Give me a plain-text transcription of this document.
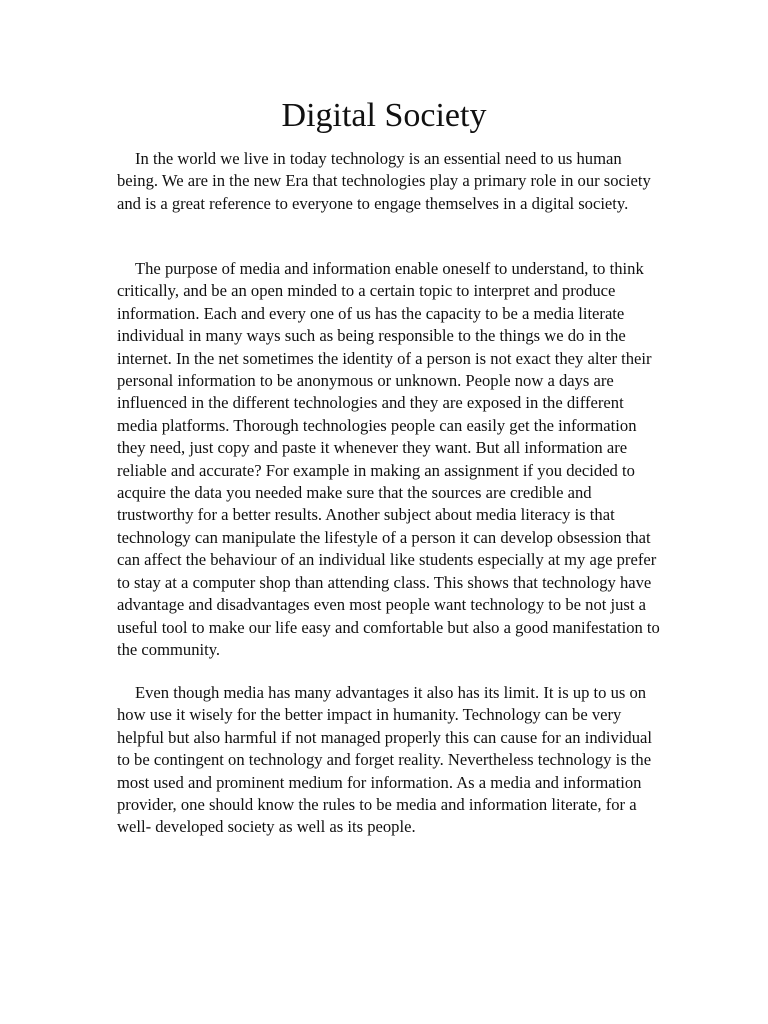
Digital Society

In the world we live in today technology is an essential need to us human being. We are in the new Era that technologies play a primary role in our society and is a great reference to everyone to engage themselves in a digital society.

The purpose of media and information enable oneself to understand, to think critically, and be an open minded to a certain topic to interpret and produce information. Each and every one of us has the capacity to be a media literate individual in many ways such as being responsible to the things we do in the internet. In the net sometimes the identity of a person is not exact they alter their personal information to be anonymous or unknown. People now a days are influenced in the different technologies and they are exposed in the different media platforms. Thorough technologies people can easily get the information they need, just copy and paste it whenever they want. But all information are reliable and accurate? For example in making an assignment if you decided to acquire the data you needed make sure that the sources are credible and trustworthy for a better results. Another subject about media literacy is that technology can manipulate the lifestyle of a person it can develop obsession that can affect the behaviour of an individual like students especially at my age prefer to stay at a computer shop than attending class. This shows that technology have advantage and disadvantages even most people want technology to be not just a useful tool to make our life easy and comfortable but also a good manifestation to the community.

Even though media has many advantages it also has its limit. It is up to us on how use it wisely for the better impact in humanity. Technology can be very helpful but also harmful if not managed properly this can cause for an individual to be contingent on technology and forget reality. Nevertheless technology is the most used and prominent medium for information. As a media and information provider, one should know the rules to be media and information literate, for a well- developed society as well as its people.
